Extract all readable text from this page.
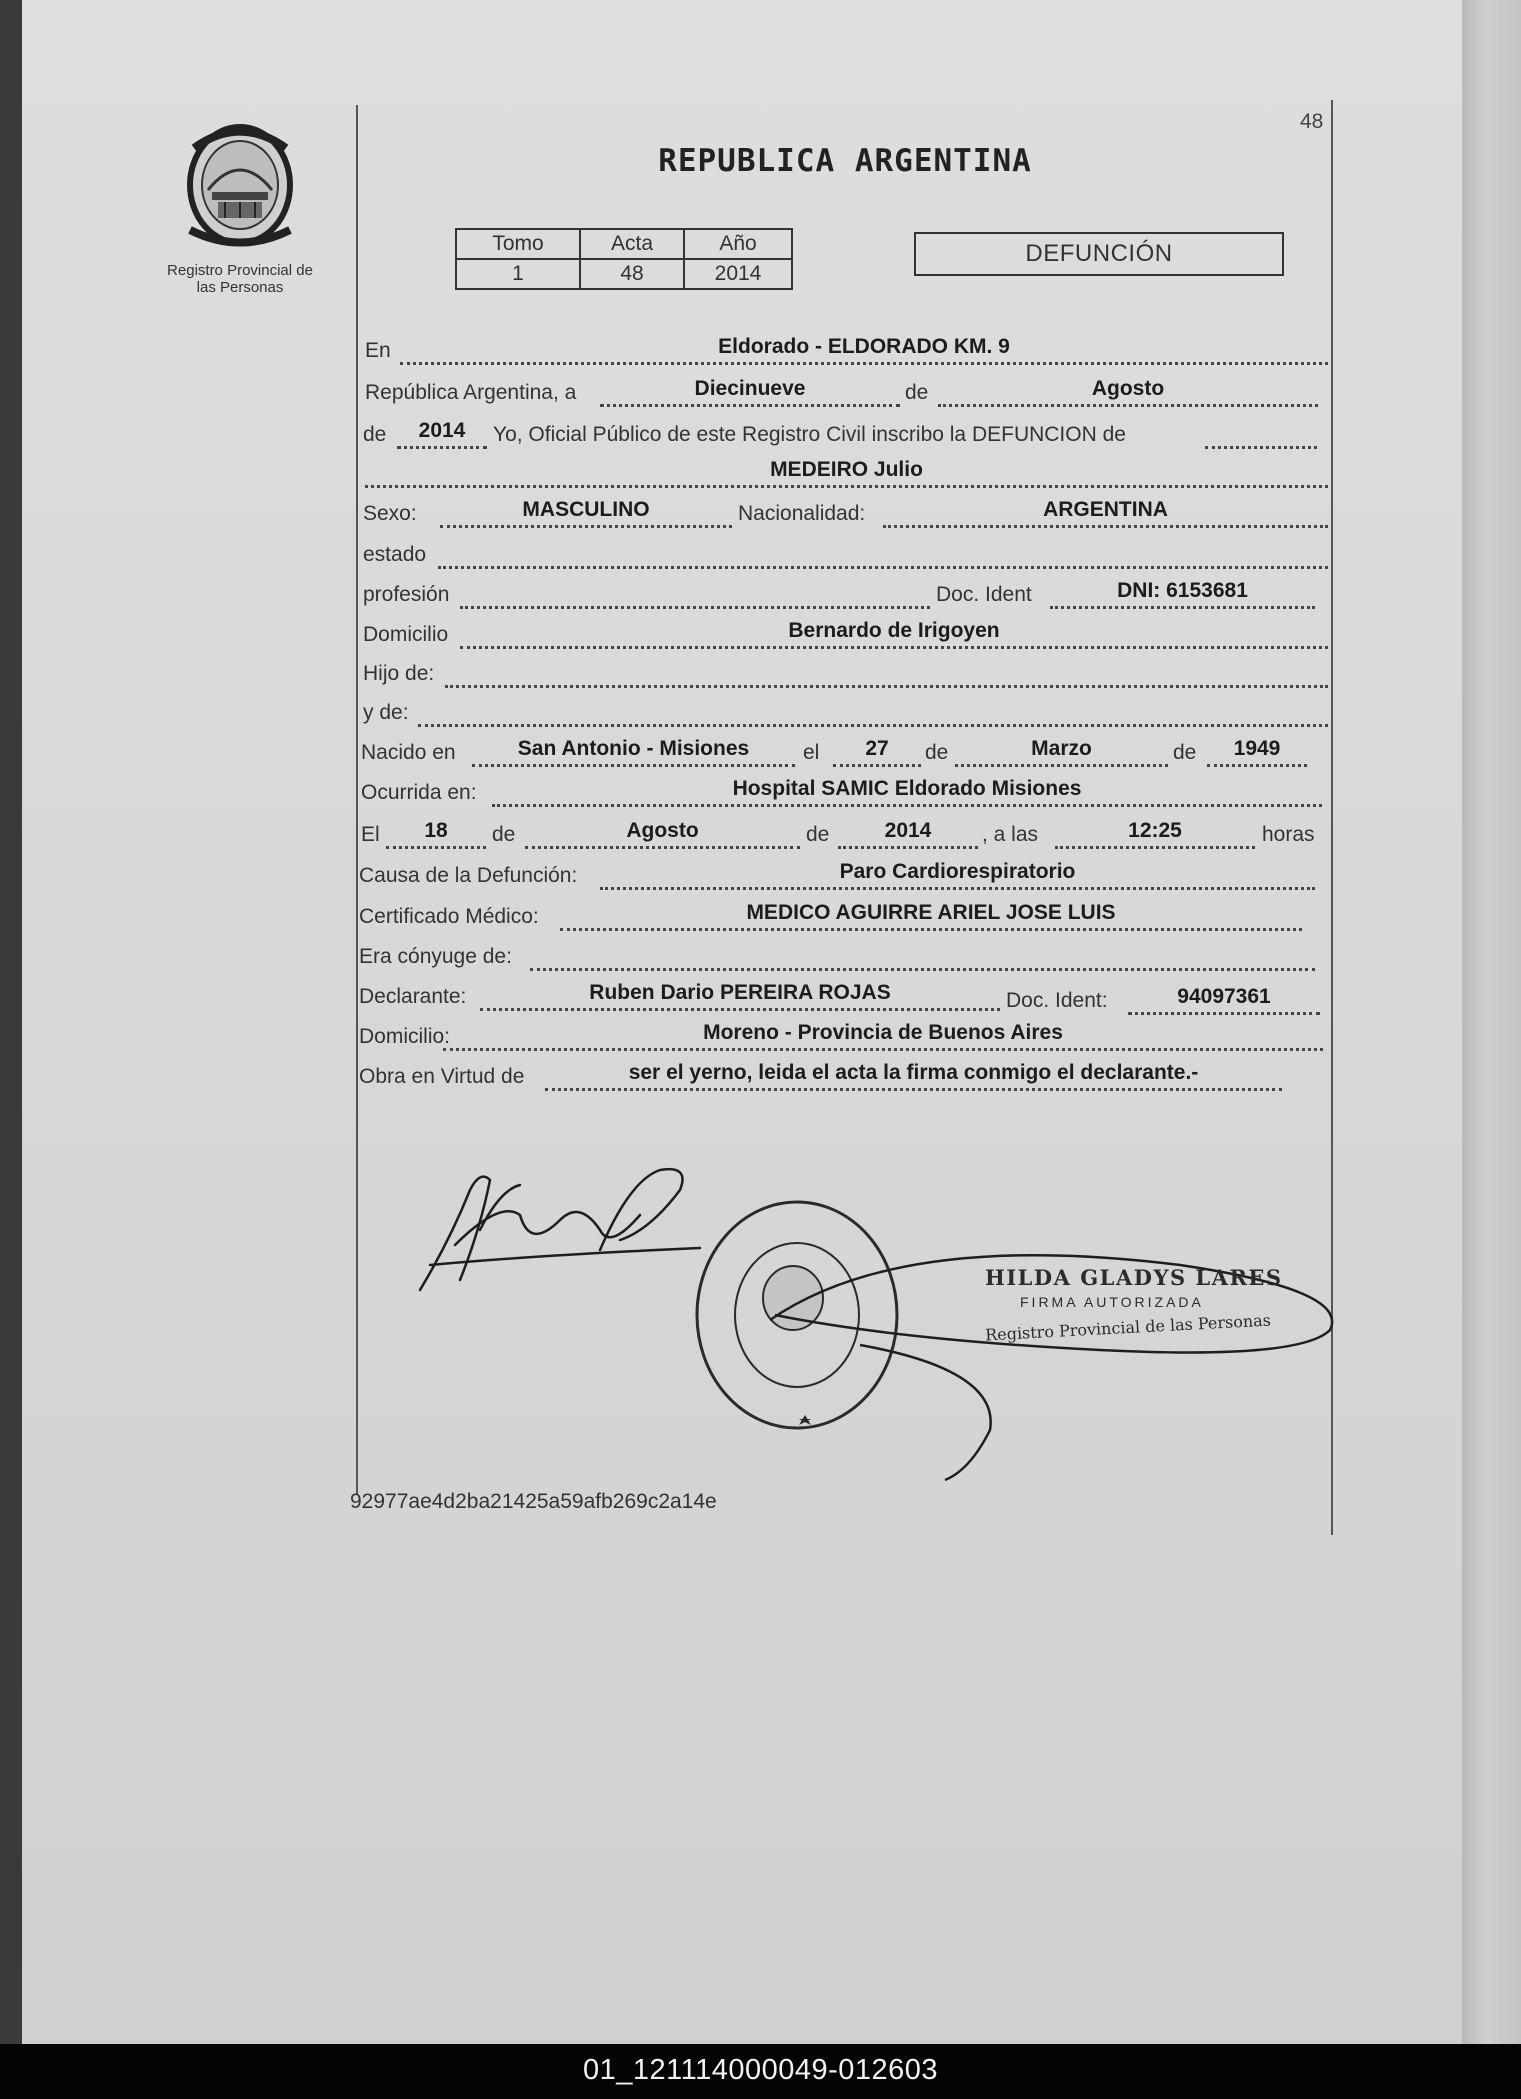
48
Registro Provincial de
las Personas
REPUBLICA ARGENTINA
Tomo	Acta	Año
1	48	2014
DEFUNCIÓN
En	Eldorado - ELDORADO KM. 9
República Argentina, a	Diecinueve	de	Agosto
de	2014	Yo, Oficial Público de este Registro Civil inscribo la DEFUNCION de
MEDEIRO Julio
Sexo:	MASCULINO	Nacionalidad:	ARGENTINA
estado
profesión	Doc. Ident	DNI: 6153681
Domicilio	Bernardo de Irigoyen
Hijo de:
y de:
Nacido en	San Antonio - Misiones	el	27	de	Marzo	de	1949
Ocurrida en:	Hospital SAMIC Eldorado Misiones
El	18	de	Agosto	de	2014	, a las	12:25	horas
Causa de la Defunción:	Paro Cardiorespiratorio
Certificado Médico:	MEDICO AGUIRRE ARIEL JOSE LUIS
Era cónyuge de:
Declarante:	Ruben Dario PEREIRA ROJAS	Doc. Ident:	94097361
Domicilio:	Moreno - Provincia de Buenos Aires
Obra en Virtud de	ser el yerno, leida el acta la firma conmigo el declarante.-
HILDA GLADYS LARES
FIRMA AUTORIZADA
Registro Provincial de las Personas
92977ae4d2ba21425a59afb269c2a14e
01_121114000049-012603
